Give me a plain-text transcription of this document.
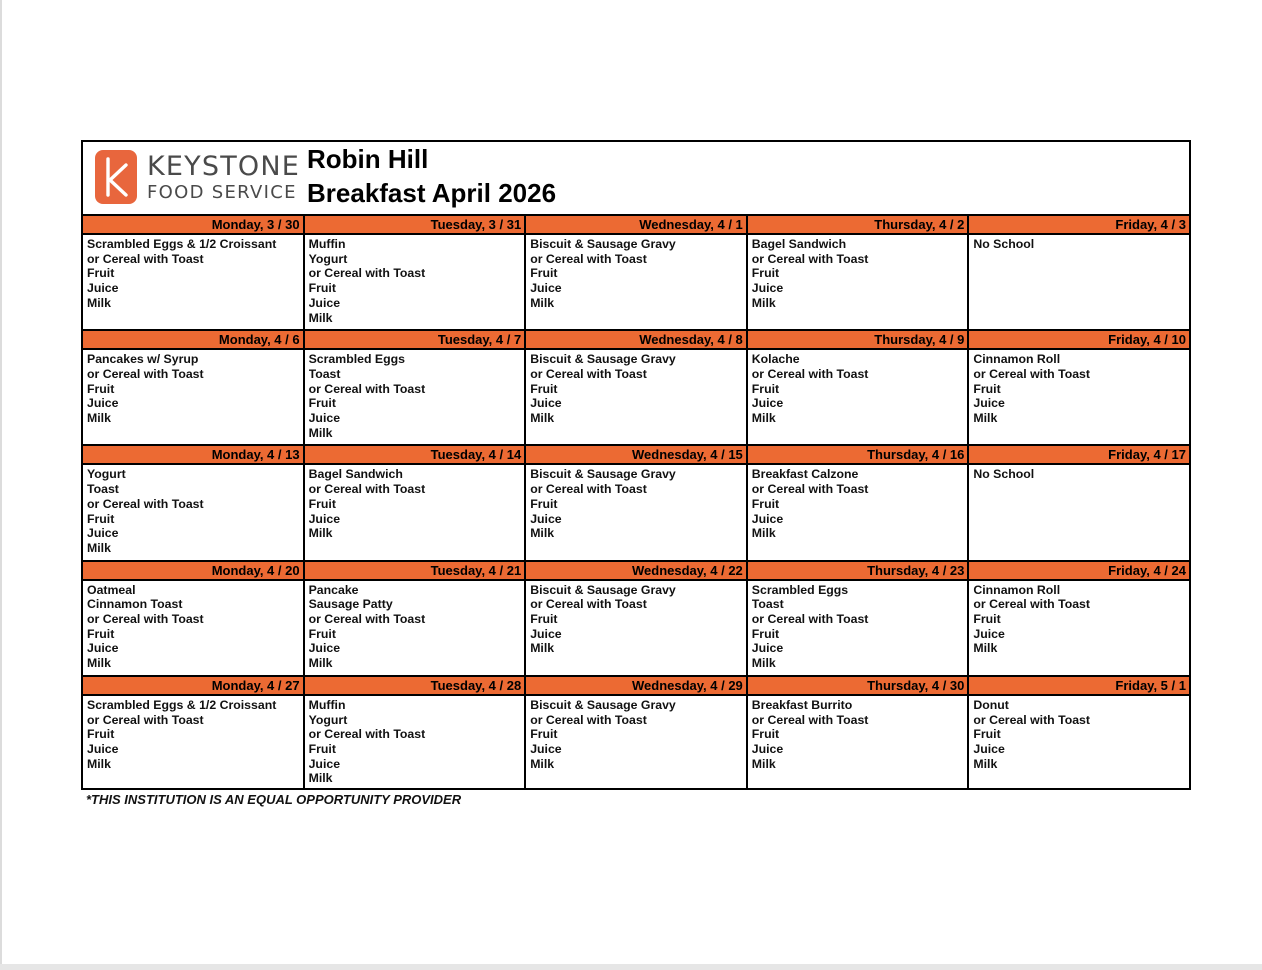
KEYSTONE
FOOD SERVICE
Robin Hill
Breakfast April 2026
Monday, 3 / 30
Scrambled Eggs & 1/2 Croissant
or Cereal with Toast
Fruit
Juice
Milk
Tuesday, 3 / 31
Muffin
Yogurt
or Cereal with Toast
Fruit
Juice
Milk
Wednesday, 4 / 1
Biscuit & Sausage Gravy
or Cereal with Toast
Fruit
Juice
Milk
Thursday, 4 / 2
Bagel Sandwich
or Cereal with Toast
Fruit
Juice
Milk
Friday, 4 / 3
No School
Monday, 4 / 6
Pancakes w/ Syrup
or Cereal with Toast
Fruit
Juice
Milk
Tuesday, 4 / 7
Scrambled Eggs
Toast
or Cereal with Toast
Fruit
Juice
Milk
Wednesday, 4 / 8
Biscuit & Sausage Gravy
or Cereal with Toast
Fruit
Juice
Milk
Thursday, 4 / 9
Kolache
or Cereal with Toast
Fruit
Juice
Milk
Friday, 4 / 10
Cinnamon Roll
or Cereal with Toast
Fruit
Juice
Milk
Monday, 4 / 13
Yogurt
Toast
or Cereal with Toast
Fruit
Juice
Milk
Tuesday, 4 / 14
Bagel Sandwich
or Cereal with Toast
Fruit
Juice
Milk
Wednesday, 4 / 15
Biscuit & Sausage Gravy
or Cereal with Toast
Fruit
Juice
Milk
Thursday, 4 / 16
Breakfast Calzone
or Cereal with Toast
Fruit
Juice
Milk
Friday, 4 / 17
No School
Monday, 4 / 20
Oatmeal
Cinnamon Toast
or Cereal with Toast
Fruit
Juice
Milk
Tuesday, 4 / 21
Pancake
Sausage Patty
or Cereal with Toast
Fruit
Juice
Milk
Wednesday, 4 / 22
Biscuit & Sausage Gravy
or Cereal with Toast
Fruit
Juice
Milk
Thursday, 4 / 23
Scrambled Eggs
Toast
or Cereal with Toast
Fruit
Juice
Milk
Friday, 4 / 24
Cinnamon Roll
or Cereal with Toast
Fruit
Juice
Milk
Monday, 4 / 27
Scrambled Eggs & 1/2 Croissant
or Cereal with Toast
Fruit
Juice
Milk
Tuesday, 4 / 28
Muffin
Yogurt
or Cereal with Toast
Fruit
Juice
Milk
Wednesday, 4 / 29
Biscuit & Sausage Gravy
or Cereal with Toast
Fruit
Juice
Milk
Thursday, 4 / 30
Breakfast Burrito
or Cereal with Toast
Fruit
Juice
Milk
Friday, 5 / 1
Donut
or Cereal with Toast
Fruit
Juice
Milk
*THIS INSTITUTION IS AN EQUAL OPPORTUNITY PROVIDER
